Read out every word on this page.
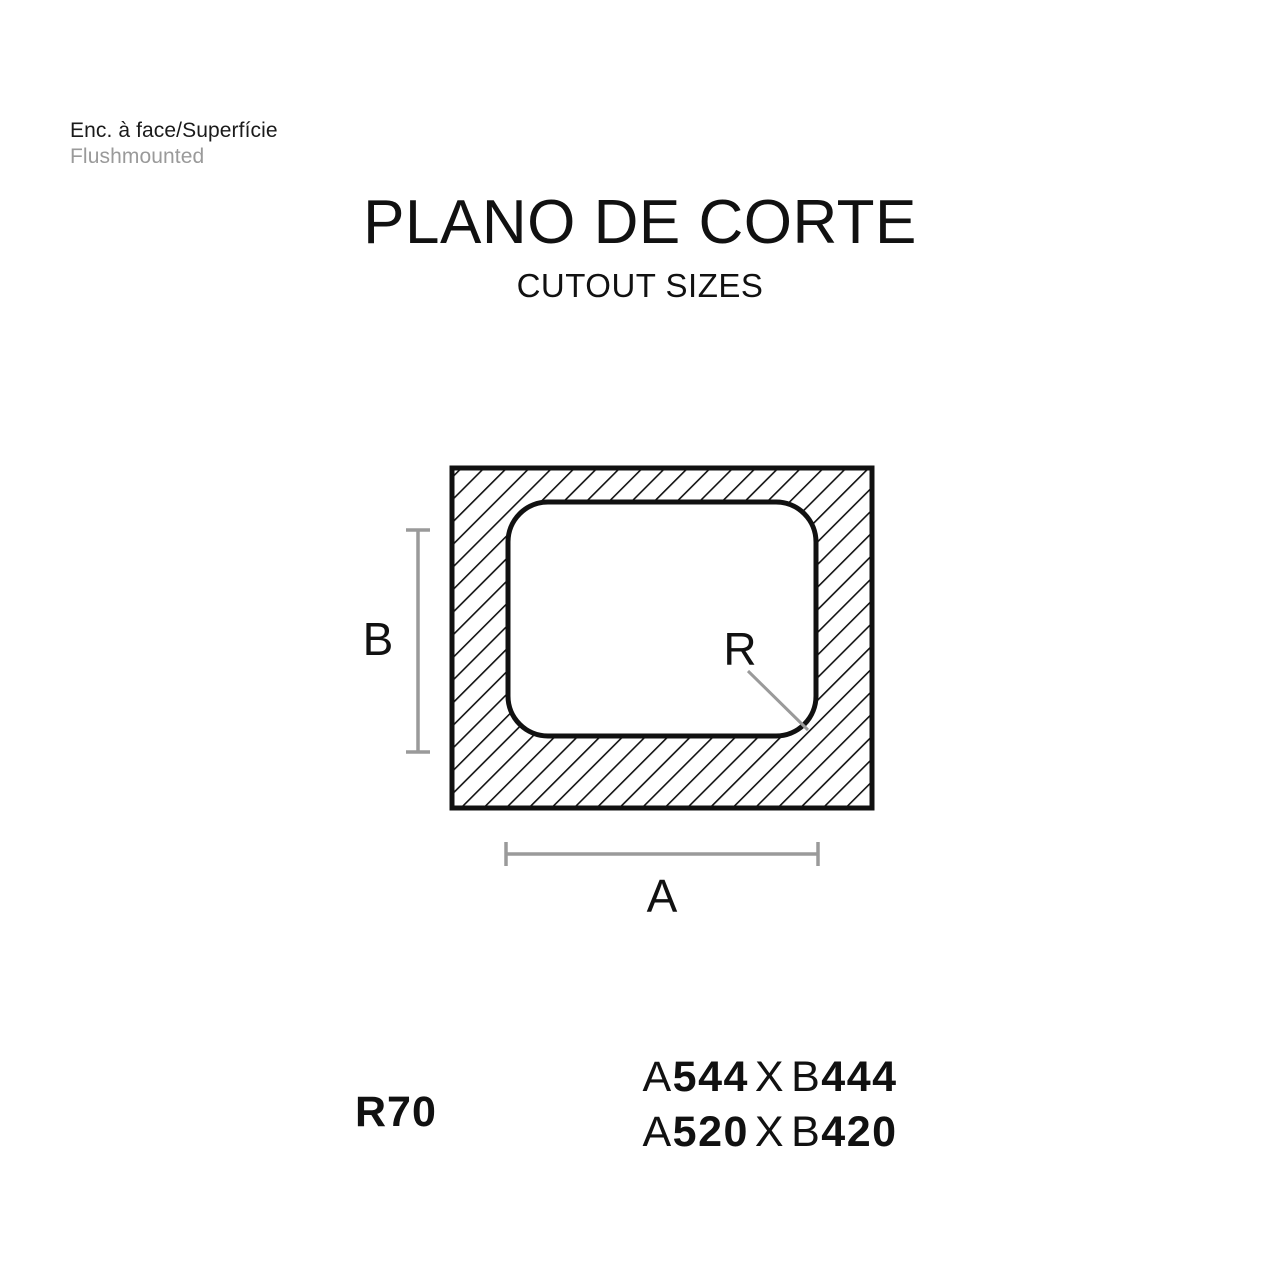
Enc. à face/Superfície
Flushmounted
PLANO DE CORTE
CUTOUT SIZES
B
A
R
R70
A544 X B444
A520 X B420
